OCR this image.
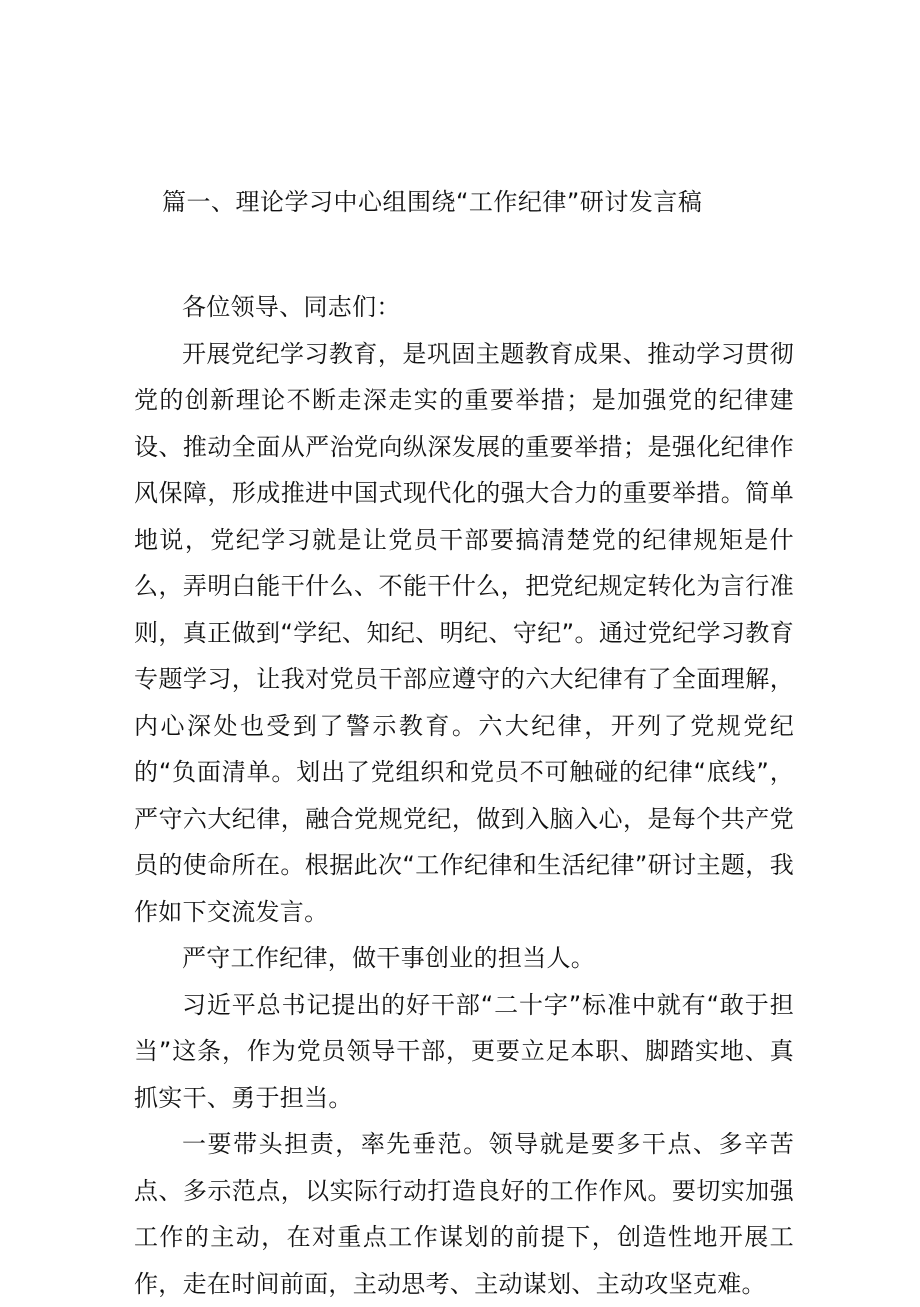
篇一、理论学习中心组围绕“工作纪律”研讨发言稿

各位领导、同志们：

开展党纪学习教育，是巩固主题教育成果、推动学习贯彻党的创新理论不断走深走实的重要举措；是加强党的纪律建设、推动全面从严治党向纵深发展的重要举措；是强化纪律作风保障，形成推进中国式现代化的强大合力的重要举措。简单地说，党纪学习就是让党员干部要搞清楚党的纪律规矩是什么，弄明白能干什么、不能干什么，把党纪规定转化为言行准则，真正做到“学纪、知纪、明纪、守纪”。通过党纪学习教育专题学习，让我对党员干部应遵守的六大纪律有了全面理解，内心深处也受到了警示教育。六大纪律，开列了党规党纪的“负面清单。划出了党组织和党员不可触碰的纪律“底线”，严守六大纪律，融合党规党纪，做到入脑入心，是每个共产党员的使命所在。根据此次“工作纪律和生活纪律”研讨主题，我作如下交流发言。

严守工作纪律，做干事创业的担当人。

习近平总书记提出的好干部“二十字”标准中就有“敢于担当”这条，作为党员领导干部，更要立足本职、脚踏实地、真抓实干、勇于担当。

一要带头担责，率先垂范。领导就是要多干点、多辛苦点、多示范点，以实际行动打造良好的工作作风。要切实加强工作的主动，在对重点工作谋划的前提下，创造性地开展工作，走在时间前面，主动思考、主动谋划、主动攻坚克难。
